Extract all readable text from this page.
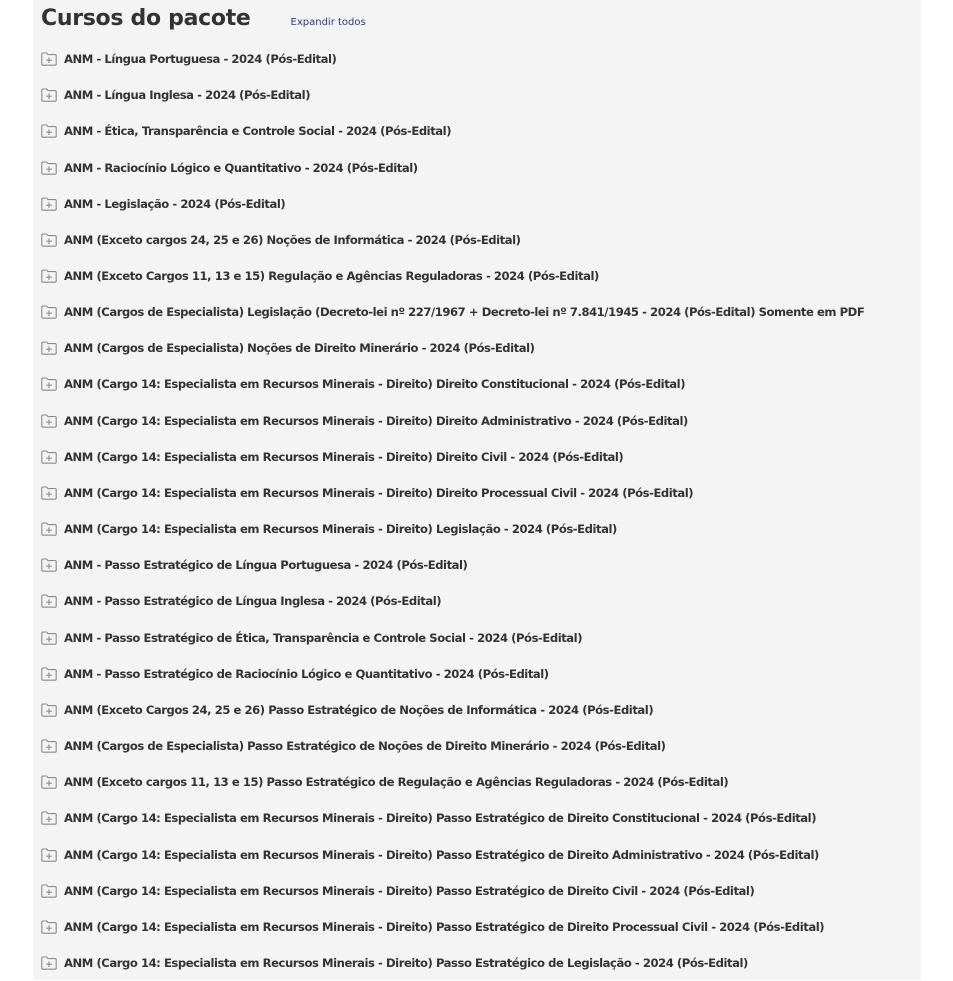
Cursos do pacote	Expandir todos
ANM - Língua Portuguesa - 2024 (Pós-Edital)
ANM - Língua Inglesa - 2024 (Pós-Edital)
ANM - Ética, Transparência e Controle Social - 2024 (Pós-Edital)
ANM - Raciocínio Lógico e Quantitativo - 2024 (Pós-Edital)
ANM - Legislação - 2024 (Pós-Edital)
ANM (Exceto cargos 24, 25 e 26) Noções de Informática - 2024 (Pós-Edital)
ANM (Exceto Cargos 11, 13 e 15) Regulação e Agências Reguladoras - 2024 (Pós-Edital)
ANM (Cargos de Especialista) Legislação (Decreto-lei nº 227/1967 + Decreto-lei nº 7.841/1945 - 2024 (Pós-Edital) Somente em PDF
ANM (Cargos de Especialista) Noções de Direito Minerário - 2024 (Pós-Edital)
ANM (Cargo 14: Especialista em Recursos Minerais - Direito) Direito Constitucional - 2024 (Pós-Edital)
ANM (Cargo 14: Especialista em Recursos Minerais - Direito) Direito Administrativo - 2024 (Pós-Edital)
ANM (Cargo 14: Especialista em Recursos Minerais - Direito) Direito Civil - 2024 (Pós-Edital)
ANM (Cargo 14: Especialista em Recursos Minerais - Direito) Direito Processual Civil - 2024 (Pós-Edital)
ANM (Cargo 14: Especialista em Recursos Minerais - Direito) Legislação - 2024 (Pós-Edital)
ANM - Passo Estratégico de Língua Portuguesa - 2024 (Pós-Edital)
ANM - Passo Estratégico de Língua Inglesa - 2024 (Pós-Edital)
ANM - Passo Estratégico de Ética, Transparência e Controle Social - 2024 (Pós-Edital)
ANM - Passo Estratégico de Raciocínio Lógico e Quantitativo - 2024 (Pós-Edital)
ANM (Exceto Cargos 24, 25 e 26) Passo Estratégico de Noções de Informática - 2024 (Pós-Edital)
ANM (Cargos de Especialista) Passo Estratégico de Noções de Direito Minerário - 2024 (Pós-Edital)
ANM (Exceto cargos 11, 13 e 15) Passo Estratégico de Regulação e Agências Reguladoras - 2024 (Pós-Edital)
ANM (Cargo 14: Especialista em Recursos Minerais - Direito) Passo Estratégico de Direito Constitucional - 2024 (Pós-Edital)
ANM (Cargo 14: Especialista em Recursos Minerais - Direito) Passo Estratégico de Direito Administrativo - 2024 (Pós-Edital)
ANM (Cargo 14: Especialista em Recursos Minerais - Direito) Passo Estratégico de Direito Civil - 2024 (Pós-Edital)
ANM (Cargo 14: Especialista em Recursos Minerais - Direito) Passo Estratégico de Direito Processual Civil - 2024 (Pós-Edital)
ANM (Cargo 14: Especialista em Recursos Minerais - Direito) Passo Estratégico de Legislação - 2024 (Pós-Edital)
